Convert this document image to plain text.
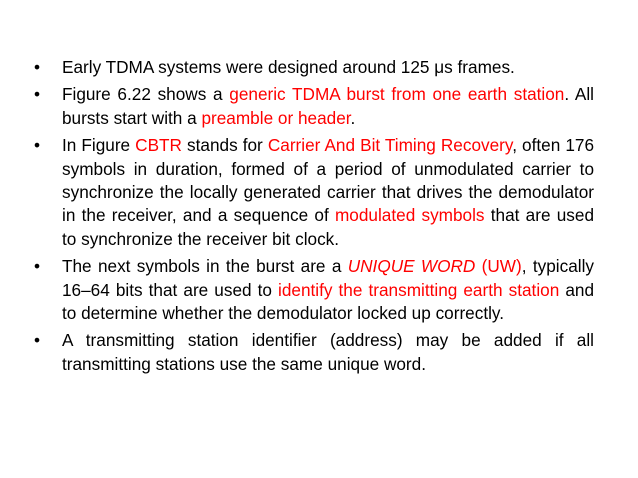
• Early TDMA systems were designed around 125 μs frames.
• Figure 6.22 shows a generic TDMA burst from one earth station. All bursts start with a preamble or header.
• In Figure CBTR stands for Carrier And Bit Timing Recovery, often 176 symbols in duration, formed of a period of unmodulated carrier to synchronize the locally generated carrier that drives the demodulator in the receiver, and a sequence of modulated symbols that are used to synchronize the receiver bit clock.
• The next symbols in the burst are a UNIQUE WORD (UW), typically 16–64 bits that are used to identify the transmitting earth station and to determine whether the demodulator locked up correctly.
• A transmitting station identifier (address) may be added if all transmitting stations use the same unique word.
